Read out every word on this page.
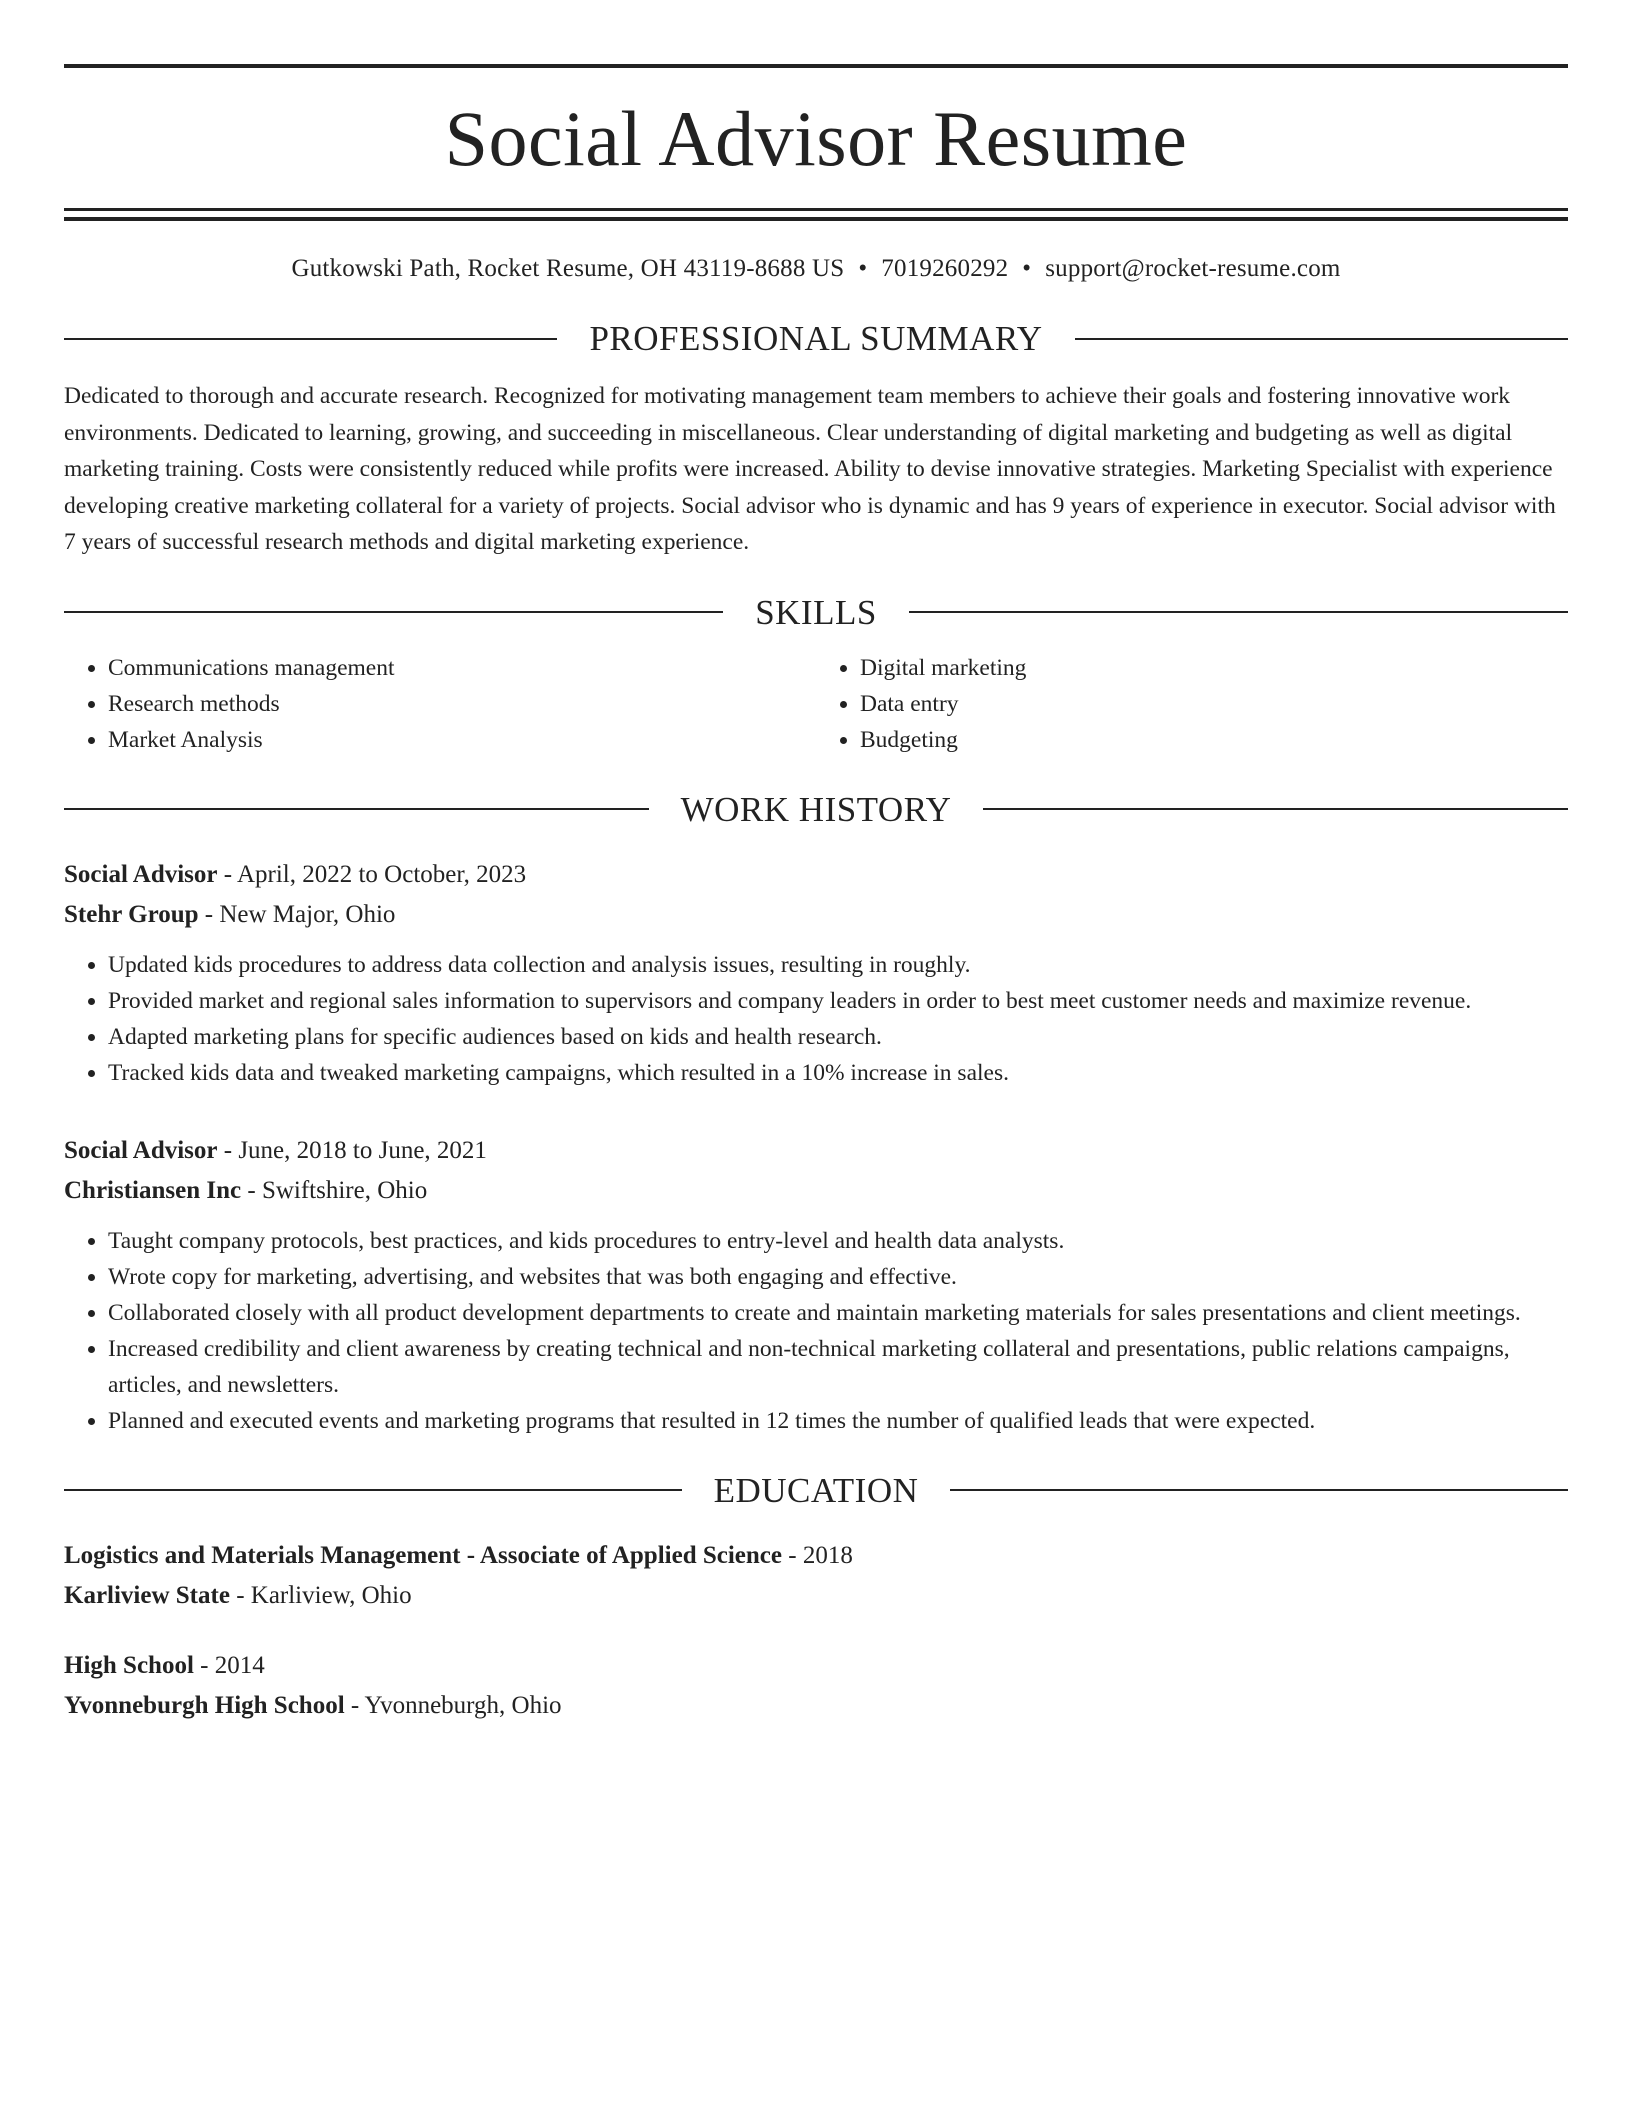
Social Advisor Resume
Gutkowski Path, Rocket Resume, OH 43119-8688 US • 7019260292 • support@rocket-resume.com
PROFESSIONAL SUMMARY
Dedicated to thorough and accurate research. Recognized for motivating management team members to achieve their goals and fostering innovative work environments. Dedicated to learning, growing, and succeeding in miscellaneous. Clear understanding of digital marketing and budgeting as well as digital marketing training. Costs were consistently reduced while profits were increased. Ability to devise innovative strategies. Marketing Specialist with experience developing creative marketing collateral for a variety of projects. Social advisor who is dynamic and has 9 years of experience in executor. Social advisor with 7 years of successful research methods and digital marketing experience.
SKILLS
• Communications management
• Research methods
• Market Analysis
• Digital marketing
• Data entry
• Budgeting
WORK HISTORY
Social Advisor - April, 2022 to October, 2023
Stehr Group - New Major, Ohio
• Updated kids procedures to address data collection and analysis issues, resulting in roughly.
• Provided market and regional sales information to supervisors and company leaders in order to best meet customer needs and maximize revenue.
• Adapted marketing plans for specific audiences based on kids and health research.
• Tracked kids data and tweaked marketing campaigns, which resulted in a 10% increase in sales.
Social Advisor - June, 2018 to June, 2021
Christiansen Inc - Swiftshire, Ohio
• Taught company protocols, best practices, and kids procedures to entry-level and health data analysts.
• Wrote copy for marketing, advertising, and websites that was both engaging and effective.
• Collaborated closely with all product development departments to create and maintain marketing materials for sales presentations and client meetings.
• Increased credibility and client awareness by creating technical and non-technical marketing collateral and presentations, public relations campaigns, articles, and newsletters.
• Planned and executed events and marketing programs that resulted in 12 times the number of qualified leads that were expected.
EDUCATION
Logistics and Materials Management - Associate of Applied Science - 2018
Karliview State - Karliview, Ohio
High School - 2014
Yvonneburgh High School - Yvonneburgh, Ohio
